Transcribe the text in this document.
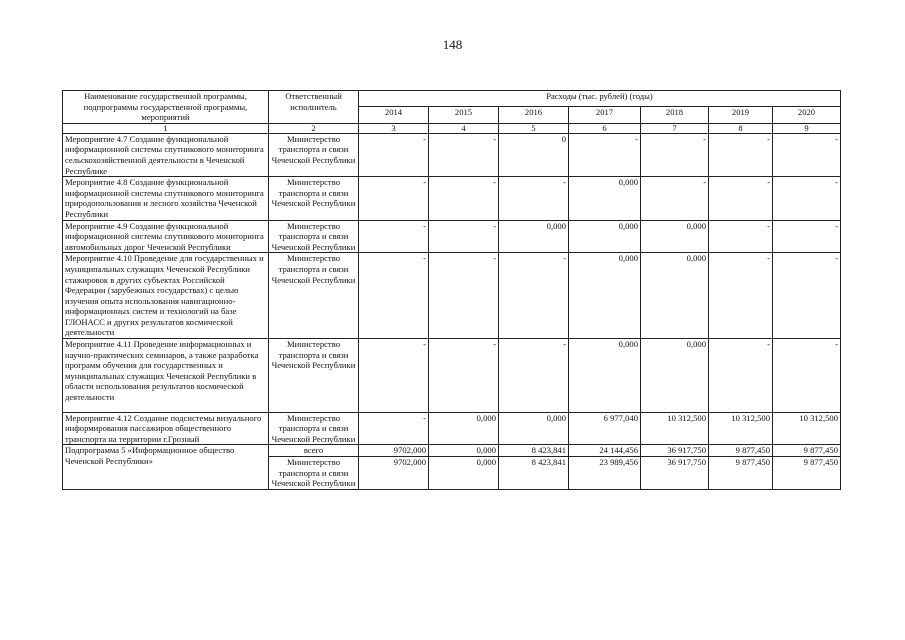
148
Наименование государственной программы, подпрограммы государственной программы, мероприятий	Ответственный исполнитель	Расходы (тыс. рублей) (годы)						
		2014	2015	2016	2017	2018	2019	2020
1	2	3	4	5	6	7	8	9
Мероприятие 4.7 Создание функциональной информационной системы спутникового мониторинга сельскохозяйственной деятельности в Чеченской Республике	Министерство транспорта и связи Чеченской Республики	-	-	0	-	-	-	-
Мероприятие 4.8 Создание функциональной информационной системы спутникового мониторинга природопользования и лесного хозяйства Чеченской Республики	Министерство транспорта и связи Чеченской Республики	-	-	-	0,000	-	-	-
Мероприятие 4.9 Создание функциональной информационной системы спутникового мониторинга автомобильных дорог Чеченской Республики	Министерство транспорта и связи Чеченской Республики	-	-	0,000	0,000	0,000	-	-
Мероприятие 4.10 Проведение для государственных и муниципальных служащих Чеченской Республики стажировок в других субъектах Российской Федерации (зарубежных государствах) с целью изучения опыта использования навигационно-информационных систем и технологий на базе ГЛОНАСС и других результатов космической деятельности	Министерство транспорта и связи Чеченской Республики	-	-	-	0,000	0,000	-	-
Мероприятие 4.11 Проведение информационных и научно-практических семинаров, а также разработка программ обучения для государственных и муниципальных служащих Чеченской Республики в области использования результатов космической деятельности	Министерство транспорта и связи Чеченской Республики	-	-	-	0,000	0,000	-	-
Мероприятие 4.12 Создание подсистемы визуального информирования пассажиров общественного транспорта на территории г.Грозный	Министерство транспорта и связи Чеченской Республики	-	0,000	0,000	6 977,040	10 312,500	10 312,500	10 312,500
Подпрограмма 5 «Информационное общество Чеченской Республики»	всего	9702,000	0,000	8 423,841	24 144,456	36 917,750	9 877,450	9 877,450
	Министерство транспорта и связи Чеченской Республики	9702,000	0,000	8 423,841	23 989,456	36 917,750	9 877,450	9 877,450
